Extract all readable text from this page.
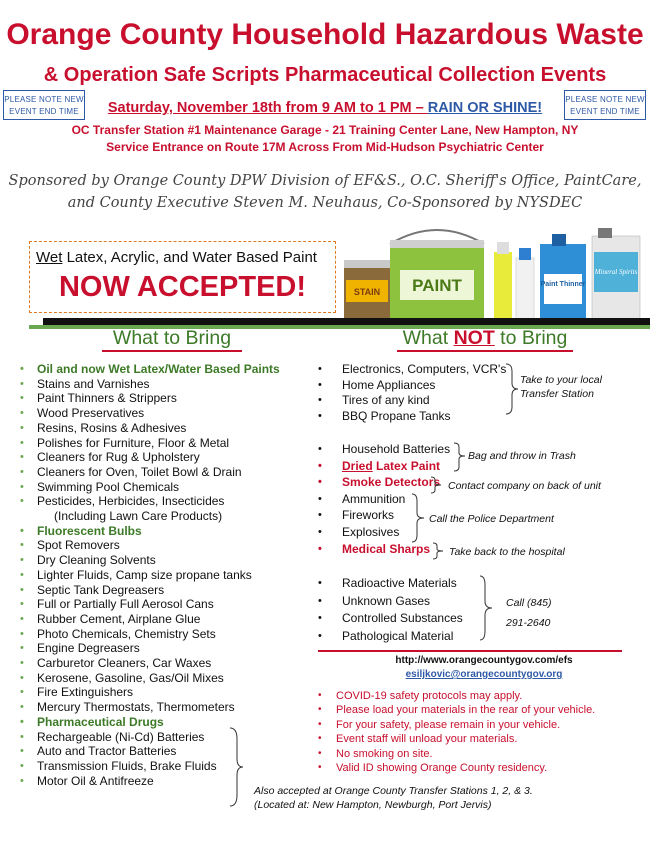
Orange County Household Hazardous Waste
& Operation Safe Scripts Pharmaceutical Collection Events
PLEASE NOTE NEW
EVENT END TIME
PLEASE NOTE NEW
EVENT END TIME
Saturday, November 18th from 9 AM to 1 PM – RAIN OR SHINE!
OC Transfer Station #1 Maintenance Garage - 21 Training Center Lane, New Hampton, NY
Service Entrance on Route 17M Across From Mid-Hudson Psychiatric Center
Sponsored by Orange County DPW Division of EF&S., O.C. Sheriff's Office, PaintCare,
and County Executive Steven M. Neuhaus, Co-Sponsored by NYSDEC
Wet Latex, Acrylic, and Water Based Paint
NOW ACCEPTED!	STAIN PAINT	Paint Thinner
Mineral Spirits
What to Bring	What NOT to Bring
• Oil and now Wet Latex/Water Based Paints
• Stains and Varnishes
• Paint Thinners & Strippers
• Wood Preservatives
• Resins, Rosins & Adhesives
• Polishes for Furniture, Floor & Metal
• Cleaners for Rug & Upholstery
• Cleaners for Oven, Toilet Bowl & Drain
• Swimming Pool Chemicals
• Pesticides, Herbicides, Insecticides
(Including Lawn Care Products)
• Fluorescent Bulbs
• Spot Removers
• Dry Cleaning Solvents
• Lighter Fluids, Camp size propane tanks
• Septic Tank Degreasers
• Full or Partially Full Aerosol Cans
• Rubber Cement, Airplane Glue
• Photo Chemicals, Chemistry Sets
• Engine Degreasers
• Carburetor Cleaners, Car Waxes
• Kerosene, Gasoline, Gas/Oil Mixes
• Fire Extinguishers
• Mercury Thermostats, Thermometers
• Pharmaceutical Drugs
• Rechargeable (Ni-Cd) Batteries
• Auto and Tractor Batteries
• Transmission Fluids, Brake Fluids
• Motor Oil & Antifreeze
• Electronics, Computers, VCR's
• Home Appliances
• Tires of any kind
• BBQ Propane Tanks
• Household Batteries
• Dried Latex Paint
• Smoke Detectors
• Ammunition
• Fireworks
• Explosives
• Medical Sharps
• Radioactive Materials
• Unknown Gases
• Controlled Substances
• Pathological Material
Take to your local
Transfer Station
Bag and throw in Trash
Contact company on back of unit
Call the Police Department
Take back to the hospital
Call (845)
291-2640
http://www.orangecountygov.com/efs
esiljkovic@orangecountygov.org
• COVID-19 safety protocols may apply.
• Please load your materials in the rear of your vehicle.
• For your safety, please remain in your vehicle.
• Event staff will unload your materials.
• No smoking on site.
• Valid ID showing Orange County residency.
Also accepted at Orange County Transfer Stations 1, 2, & 3.
(Located at: New Hampton, Newburgh, Port Jervis)
